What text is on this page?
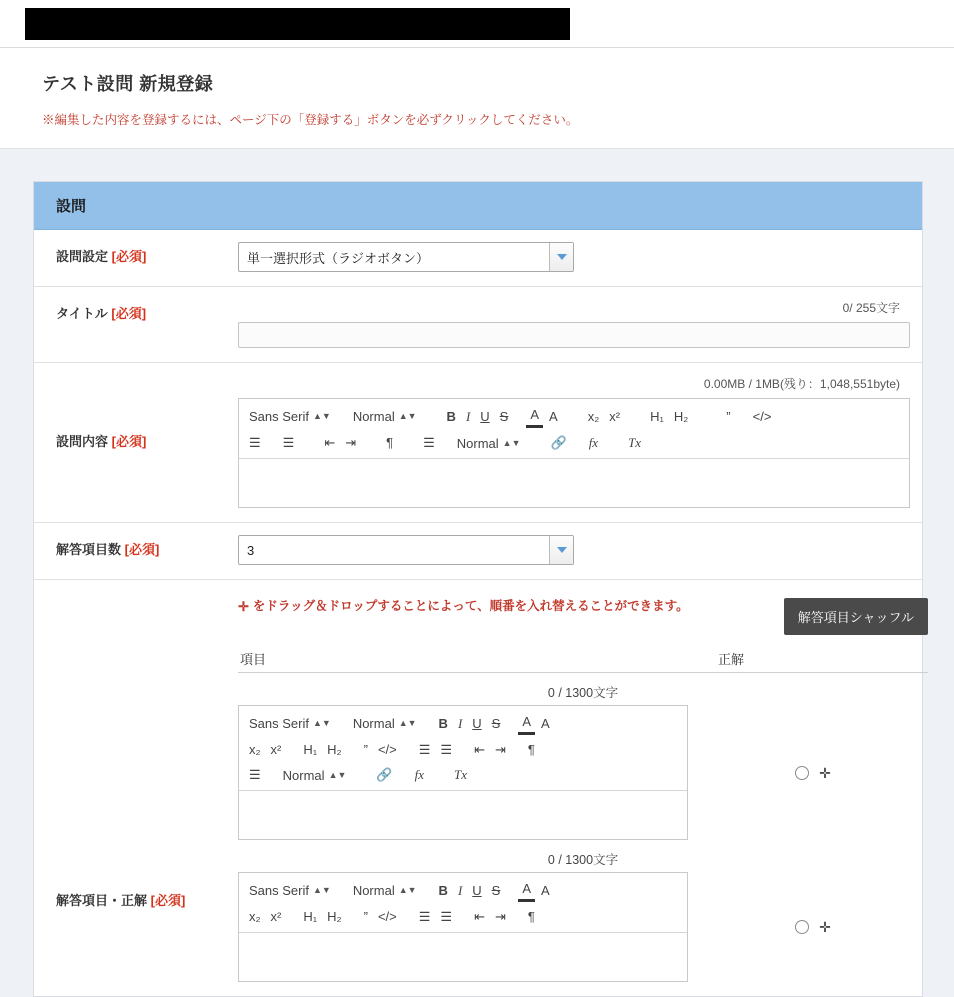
テスト設問 新規登録

※編集した内容を登録するには、ページ下の「登録する」ボタンを必ずクリックしてください。

設問
設問設定 [必須]	単一選択形式（ラジオボタン）
タイトル [必須]	0/ 255文字
設問内容 [必須]
0.00MB / 1MB(残り：1,048,551byte)
Sans Serif ▲▼ Normal ▲▼	B I U S	A A	x₂ x²	H₁ H₂	”	</>
☰	☰	⇤ ⇥	¶	☰	Normal ▲▼	🔗	fx	Tx
解答項目数 [必須]	3
解答項目・正解 [必須]
✛ をドラッグ＆ドロップすることによって、順番を入れ替えることができます。
解答項目シャッフル
項目	正解
0 / 1300文字
Sans Serif ▲▼ Normal ▲▼	B I U S	A A
x₂ x²	H₁ H₂	” </>	☰ ☰	⇤ ⇥	¶
☰	Normal ▲▼	🔗	fx	Tx	✛
0 / 1300文字
Sans Serif ▲▼ Normal ▲▼	B I U S	A A
x₂ x²	H₁ H₂	” </>	☰ ☰	⇤ ⇥	¶
✛
